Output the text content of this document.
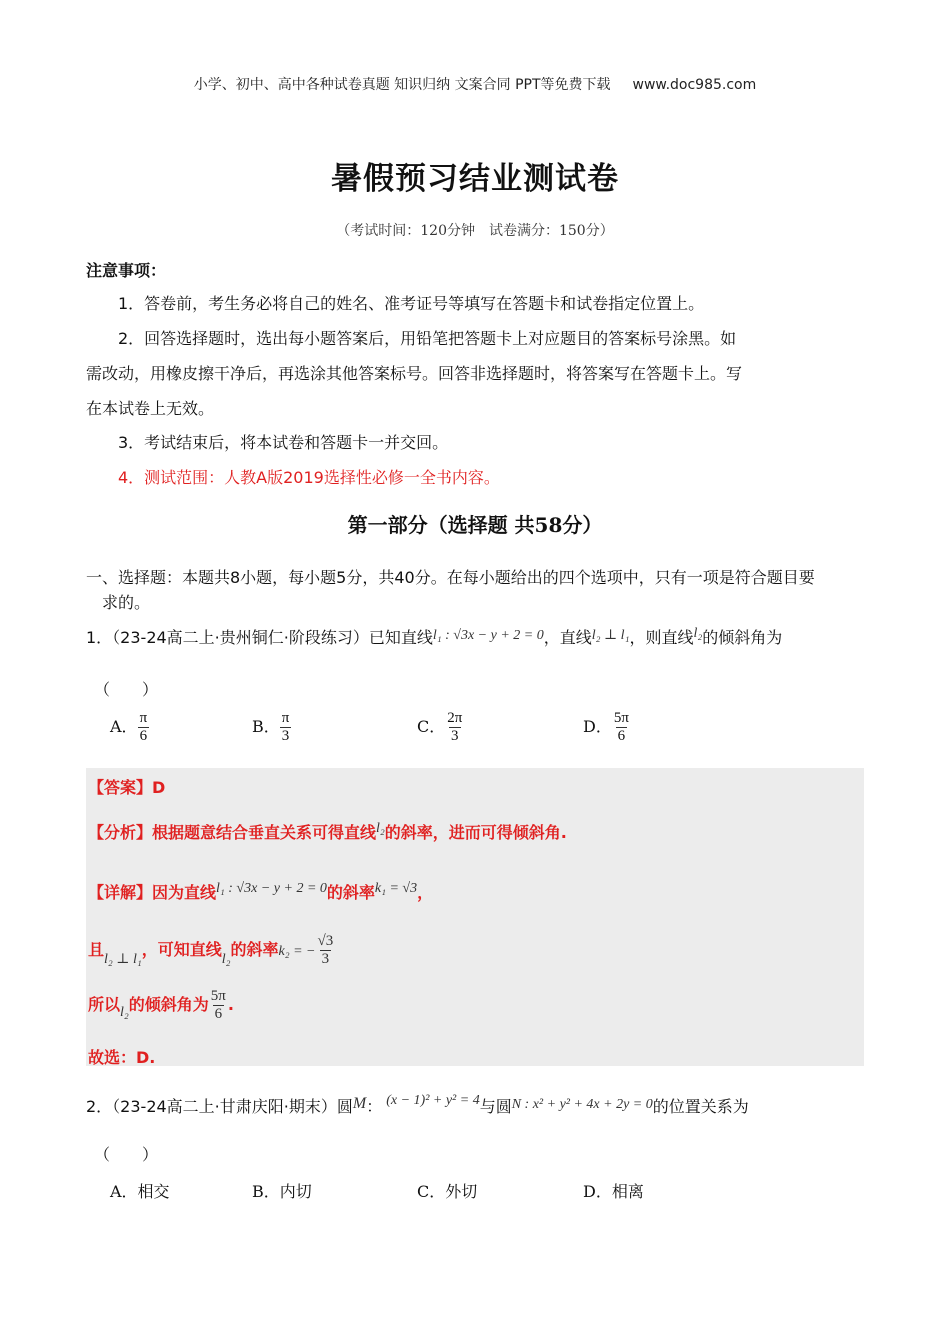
小学、初中、高中各种试卷真题 知识归纳 文案合同 PPT等免费下载 www.doc985.com
暑假预习结业测试卷
（考试时间：120分钟　试卷满分：150分）
注意事项：
1．答卷前，考生务必将自己的姓名、准考证号等填写在答题卡和试卷指定位置上。
2．回答选择题时，选出每小题答案后，用铅笔把答题卡上对应题目的答案标号涂黑。如
需改动，用橡皮擦干净后，再选涂其他答案标号。回答非选择题时，将答案写在答题卡上。写
在本试卷上无效。
3．考试结束后，将本试卷和答题卡一并交回。
4．测试范围：人教A版2019选择性必修一全书内容。
第一部分（选择题 共58分）
一、选择题：本题共8小题，每小题5分，共40分。在每小题给出的四个选项中，只有一项是符合题目要
求的。
1．（23-24高二上·贵州铜仁·阶段练习）已知直线l₁ : √3x − y + 2 = 0，直线l₂ ⊥ l₁，则直线l₂的倾斜角为
（　　）
A． $\frac{\pi}{6}$	B． $\frac{\pi}{3}$	C． $\frac{2\pi}{3}$	D． $\frac{5\pi}{6}$
【答案】D
【分析】根据题意结合垂直关系可得直线l₂的斜率，进而可得倾斜角.
【详解】因为直线l₁ : √3x − y + 2 = 0的斜率k₁ = √3，
且l₂ ⊥ l₁，可知直线l₂的斜率k₂ = − $\frac{√3}{3}$
所以l₂的倾斜角为 $\frac{5\pi}{6}$ .
故选：D.
2．（23-24高二上·甘肃庆阳·期末）圆M： (x − 1)² + y² = 4与圆N : x² + y² + 4x + 2y = 0的位置关系为
（　　）
A．相交	B．内切	C．外切	D．相离
